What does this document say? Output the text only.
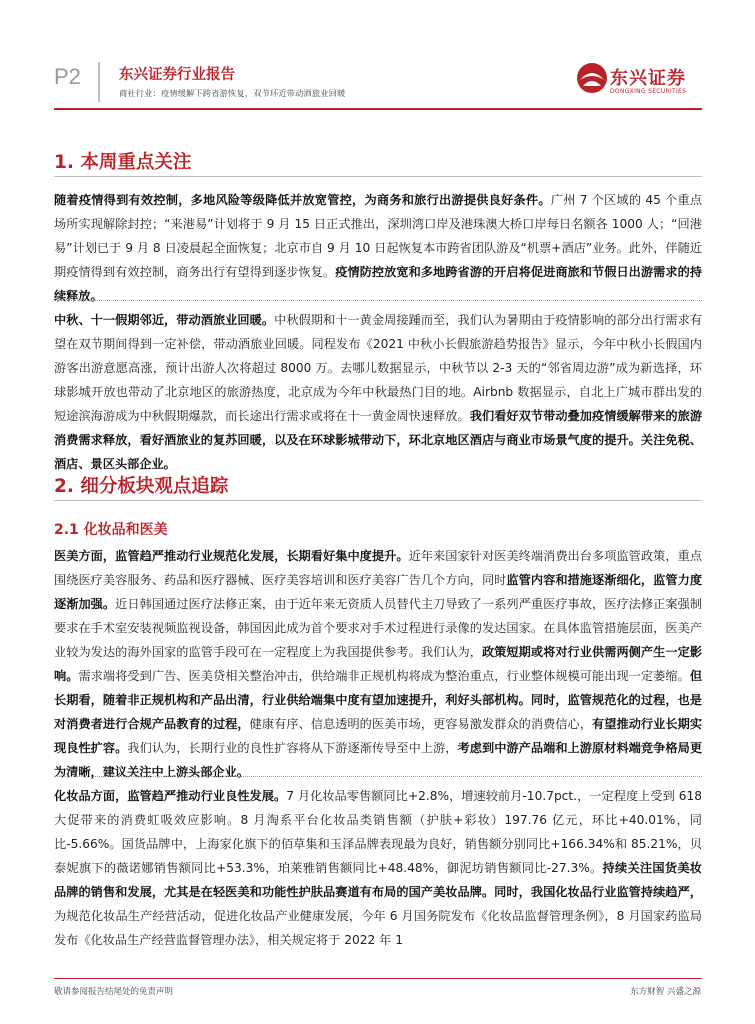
P2	东兴证券行业报告
商社行业：疫情缓解下跨省游恢复，双节环近带动酒旅业回暖
东兴证券
DONGXING SECURITIES
1. 本周重点关注
随着疫情得到有效控制，多地风险等级降低并放宽管控，为商务和旅行出游提供良好条件。广州 7 个区域的 45 个重点场所实现解除封控；“来港易”计划将于 9 月 15 日正式推出，深圳湾口岸及港珠澳大桥口岸每日名额各 1000 人；“回港易”计划已于 9 月 8 日凌晨起全面恢复；北京市自 9 月 10 日起恢复本市跨省团队游及“机票+酒店”业务。此外，伴随近期疫情得到有效控制，商务出行有望得到逐步恢复。疫情防控放宽和多地跨省游的开启将促进商旅和节假日出游需求的持续释放。
中秋、十一假期邻近，带动酒旅业回暖。中秋假期和十一黄金周接踵而至，我们认为暑期由于疫情影响的部分出行需求有望在双节期间得到一定补偿，带动酒旅业回暖。同程发布《2021 中秋小长假旅游趋势报告》显示，今年中秋小长假国内游客出游意愿高涨，预计出游人次将超过 8000 万。去哪儿数据显示，中秋节以 2-3 天的“邻省周边游”成为新选择，环球影城开放也带动了北京地区的旅游热度，北京成为今年中秋最热门目的地。Airbnb 数据显示，自北上广城市群出发的短途滨海游成为中秋假期爆款，而长途出行需求或将在十一黄金周快速释放。我们看好双节带动叠加疫情缓解带来的旅游消费需求释放，看好酒旅业的复苏回暖，以及在环球影城带动下，环北京地区酒店与商业市场景气度的提升。关注免税、酒店、景区头部企业。
2. 细分板块观点追踪
2.1 化妆品和医美
医美方面，监管趋严推动行业规范化发展，长期看好集中度提升。近年来国家针对医美终端消费出台多项监管政策，重点围绕医疗美容服务、药品和医疗器械、医疗美容培训和医疗美容广告几个方向，同时监管内容和措施逐渐细化，监管力度逐渐加强。近日韩国通过医疗法修正案，由于近年来无资质人员替代主刀导致了一系列严重医疗事故，医疗法修正案强制要求在手术室安装视频监视设备，韩国因此成为首个要求对手术过程进行录像的发达国家。在具体监管措施层面，医美产业较为发达的海外国家的监管手段可在一定程度上为我国提供参考。我们认为，政策短期或将对行业供需两侧产生一定影响。需求端将受到广告、医美贷相关整治冲击，供给端非正规机构将成为整治重点，行业整体规模可能出现一定萎缩。但长期看，随着非正规机构和产品出清，行业供给端集中度有望加速提升，利好头部机构。同时，监管规范化的过程，也是对消费者进行合规产品教育的过程，健康有序、信息透明的医美市场，更容易激发群众的消费信心，有望推动行业长期实现良性扩容。我们认为，长期行业的良性扩容将从下游逐渐传导至中上游，考虑到中游产品端和上游原材料端竞争格局更为清晰，建议关注中上游头部企业。
化妆品方面，监管趋严推动行业良性发展。7 月化妆品零售额同比+2.8%，增速较前月-10.7pct.，一定程度上受到 618 大促带来的消费虹吸效应影响。8 月淘系平台化妆品类销售额（护肤+彩妆）197.76 亿元，环比+40.01%，同比-5.66%。国货品牌中，上海家化旗下的佰草集和玉泽品牌表现最为良好，销售额分别同比+166.34%和 85.21%，贝泰妮旗下的薇诺娜销售额同比+53.3%，珀莱雅销售额同比+48.48%，御泥坊销售额同比-27.3%。持续关注国货美妆品牌的销售和发展，尤其是在轻医美和功能性护肤品赛道有布局的国产美妆品牌。同时，我国化妆品行业监管持续趋严，为规范化妆品生产经营活动，促进化妆品产业健康发展，今年 6 月国务院发布《化妆品监督管理条例》，8 月国家药监局发布《化妆品生产经营监督管理办法》，相关规定将于 2022 年 1
敬请参阅报告结尾处的免责声明	东方财智 兴盛之源
